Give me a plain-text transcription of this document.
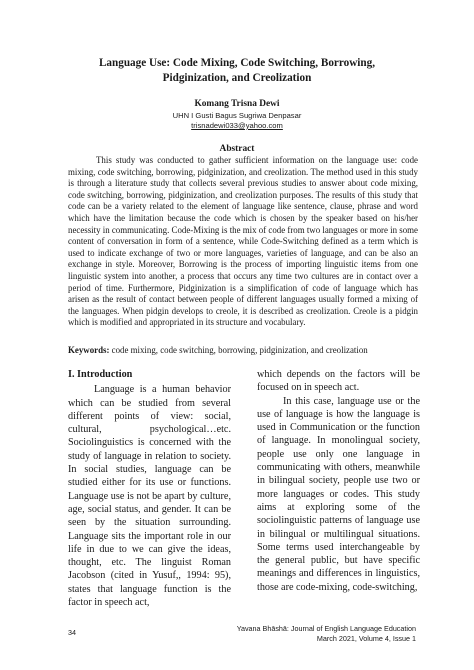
Language Use: Code Mixing, Code Switching, Borrowing,
Pidginization, and Creolization
Komang Trisna Dewi
UHN I Gusti Bagus Sugriwa Denpasar
trisnadewi033@yahoo.com
Abstract

This study was conducted to gather sufficient information on the language use: code mixing, code switching, borrowing, pidginization, and creolization. The method used in this study is through a literature study that collects several previous studies to answer about code mixing, code switching, borrowing, pidginization, and creolization purposes. The results of this study that code can be a variety related to the element of language like sentence, clause, phrase and word which have the limitation because the code which is chosen by the speaker based on his/her necessity in communicating. Code-Mixing is the mix of code from two languages or more in some content of conversation in form of a sentence, while Code-Switching defined as a term which is used to indicate exchange of two or more languages, varieties of language, and can be also an exchange in style. Moreover, Borrowing is the process of importing linguistic items from one linguistic system into another, a process that occurs any time two cultures are in contact over a period of time. Furthermore, Pidginization is a simplification of code of language which has arisen as the result of contact between people of different languages usually formed a mixing of the languages. When pidgin develops to creole, it is described as creolization. Creole is a pidgin which is modified and appropriated in its structure and vocabulary.

Keywords: code mixing, code switching, borrowing, pidginization, and creolization

I. Introduction

Language is a human behavior which can be studied from several different points of view: social, cultural, psychological…etc. Sociolinguistics is concerned with the study of language in relation to society. In social studies, language can be studied either for its use or functions. Language use is not be apart by culture, age, social status, and gender. It can be seen by the situation surrounding. Language sits the important role in our life in due to we can give the ideas, thought, etc. The linguist Roman Jacobson (cited in Yusuf,, 1994: 95), states that language function is the factor in speech act,

which depends on the factors will be focused on in speech act.

In this case, language use or the use of language is how the language is used in Communication or the function of language. In monolingual society, people use only one language in communicating with others, meanwhile in bilingual society, people use two or more languages or codes. This study aims at exploring some of the sociolinguistic patterns of language use in bilingual or multilingual situations. Some terms used interchangeable by the general public, but have specific meanings and differences in linguistics, those are code-mixing, code-switching,

34	Yavana Bhāshā: Journal of English Language Education
March 2021, Volume 4, Issue 1
